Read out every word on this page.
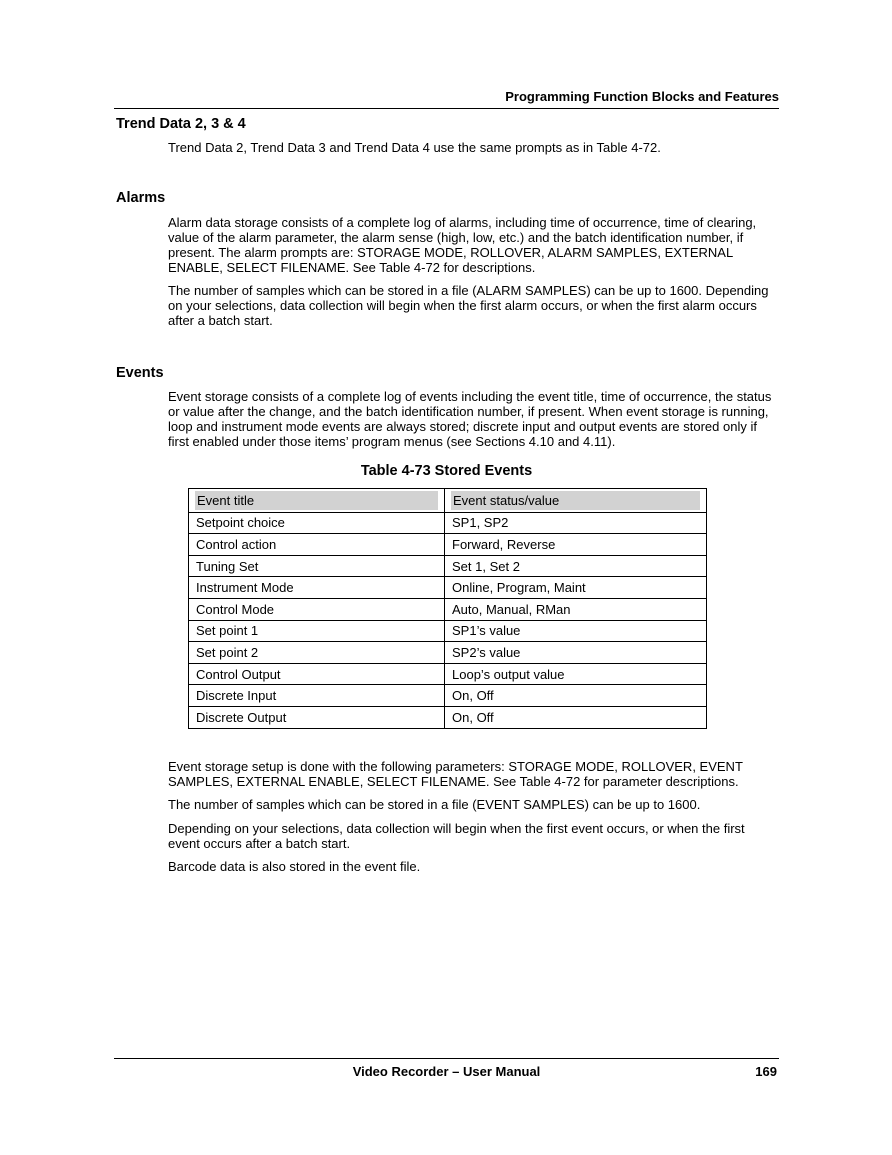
Programming Function Blocks and Features
Trend Data 2, 3 & 4

Trend Data 2, Trend Data 3 and Trend Data 4 use the same prompts as in Table 4-72.

Alarms

Alarm data storage consists of a complete log of alarms, including time of occurrence, time of clearing, value of the alarm parameter, the alarm sense (high, low, etc.) and the batch identification number, if present. The alarm prompts are: STORAGE MODE, ROLLOVER, ALARM SAMPLES, EXTERNAL ENABLE, SELECT FILENAME. See Table 4-72 for descriptions.

The number of samples which can be stored in a file (ALARM SAMPLES) can be up to 1600. Depending on your selections, data collection will begin when the first alarm occurs, or when the first alarm occurs after a batch start.

Events

Event storage consists of a complete log of events including the event title, time of occurrence, the status or value after the change, and the batch identification number, if present. When event storage is running, loop and instrument mode events are always stored; discrete input and output events are stored only if first enabled under those items’ program menus (see Sections 4.10 and 4.11).

Table 4-73 Stored Events
Event title	Event status/value

Setpoint choice	SP1, SP2
Control action	Forward, Reverse
Tuning Set	Set 1, Set 2
Instrument Mode	Online, Program, Maint
Control Mode	Auto, Manual, RMan
Set point 1	SP1’s value
Set point 2	SP2’s value
Control Output	Loop’s output value
Discrete Input	On, Off
Discrete Output	On, Off

Event storage setup is done with the following parameters: STORAGE MODE, ROLLOVER, EVENT SAMPLES, EXTERNAL ENABLE, SELECT FILENAME. See Table 4-72 for parameter descriptions.

The number of samples which can be stored in a file (EVENT SAMPLES) can be up to 1600.

Depending on your selections, data collection will begin when the first event occurs, or when the first event occurs after a batch start.

Barcode data is also stored in the event file.

Video Recorder – User Manual	169
